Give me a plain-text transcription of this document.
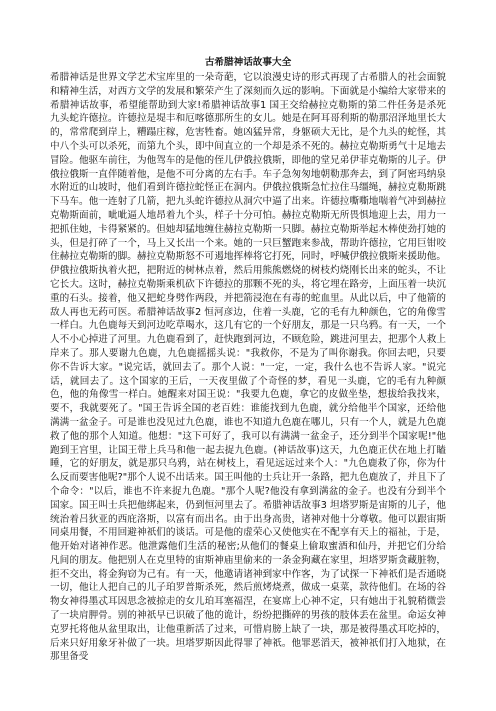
古希腊神话故事大全

希腊神话是世界文学艺术宝库里的一朵奇葩，它以浪漫史诗的形式再现了古希腊人的社会面貌和精神生活，对西方文学的发展和繁荣产生了深刻而久远的影响。下面就是小编给大家带来的希腊神话故事，希望能帮助到大家!希腊神话故事1 国王交给赫拉克勒斯的第二件任务是杀死九头蛇许德拉。许德拉是堤丰和厄喀德那所生的女儿。她是在阿耳哥利斯的勒那沼泽地里长大的，常常爬到岸上，糟蹋庄稼，危害牲畜。她凶猛异常，身躯硕大无比，是个九头的蛇怪，其中八个头可以杀死，而第九个头，即中间直立的一个却是杀不死的。赫拉克勒斯勇气十足地去冒险。他驱车前往，为他驾车的是他的侄儿伊俄拉俄斯，即他的堂兄弟伊菲克勒斯的儿子。伊俄拉俄斯一直伴随着他，是他不可分离的左右手。车子急匆匆地朝勒那奔去，到了阿密玛纳泉水附近的山坡时，他们看到许德拉蛇怪正在洞内。伊俄拉俄斯急忙拉住马缰绳，赫拉克勒斯跳下马车。他一连射了几箭，把九头蛇许德拉从洞穴中逼了出来。许德拉嘶嘶地喘着气冲到赫拉克勒斯面前，呲呲逼人地昂着九个头，样子十分可怕。赫拉克勒斯无所畏惧地迎上去，用力一把抓住她，卡得紧紧的。但她却猛地缠住赫拉克勒斯一只脚。赫拉克勒斯举起木棒使劲打她的头，但是打碎了一个，马上又长出一个来。她的一只巨蟹跑来参战，帮助许德拉，它用巨钳咬住赫拉克勒斯的脚。赫拉克勒斯怒不可遏地挥棒将它打死，同时，呼喊伊俄拉俄斯来援助他。伊俄拉俄斯执着火把，把附近的树林点着，然后用熊熊燃烧的树枝灼烧刚长出来的蛇头，不让它长大。这时，赫拉克勒斯乘机砍下许德拉的那颗不死的头，将它埋在路旁，上面压着一块沉重的石头。接着，他又把蛇身劈作两段，并把箭浸泡在有毒的蛇血里。从此以后，中了他箭的敌人再也无药可医。希腊神话故事2 恒河彦边，住着一头鹿，它的毛有九种颜色，它的角像雪一样白。九色鹿每天到河边吃草喝水，这几有它的一个好朋友，那是一只乌鸦。有一天，一个人不小心掉进了河里。九色鹿看到了，赶快跑到河边，不顾危险，跳进河里去，把那个人救上岸来了。那人要谢九色鹿，九色鹿摇摇头说："我救你，不是为了叫你谢我。你回去吧，只要你不告诉大家。"说完话，就回去了。那个人说："一定，一定，我什么也不告诉人家。"说完话，就回去了。这个国家的王后，一天夜里做了个奇怪的梦，看见一头鹿，它的毛有九种颜色，他的角像雪一样白。她醒来对国王说："我要九色鹿，拿它的皮做坐垫，想拔给我找来，要不，我就要死了。"国王告诉全国的老百姓：谁能找到九色鹿，就分给他半个国家，还给他满满一盆金子。可是谁也没见过九色鹿，谁也不知道九色鹿在哪儿，只有一个人，就是九色鹿救了他的那个人知道。他想："这下可好了，我可以有满满一盆金子，还分到半个国家呢!"他跑到王宫里，让国王带上兵马和他一起去捉九色鹿。(神话故事)这天，九色鹿正伏在地上打瞌睡，它的好朋友，就是那只乌鸦，站在树枝上，看见远远过来个人："九色鹿救了你，你为什么反而要害他呢?"那个人说不出话来。国王叫他的士兵让开一条路，把九色鹿放了，并且下了个命令："以后，谁也不许来捉九色鹿。"那个人呢?他没有拿到满盆的金子。也没有分到半个国家。国王叫士兵把他绑起来，仍到恒河里去了。希腊神话故事3 坦塔罗斯是宙斯的儿子，他统治着吕狄亚的西庇洛斯，以富有而出名。由于出身高贵，诸神对他十分尊敬。他可以跟宙斯同桌用餐，不用回避神祇们的谈话。可是他的虚荣心又使他实在不配享有天上的福祉，于是，他开始对诸神作恶。他泄露他们生活的秘密;从他们的餐桌上偷取蜜酒和仙丹，并把它们分给凡间的朋友。他把别人在克里特的宙斯神庙里偷来的一条金狗藏在家里，坦塔罗斯贪藏脏物，拒不交出，将金狗窃为己有。有一天，他邀请诸神到家中作客，为了试探一下神祇们是否通晓一切，他让人把自己的儿子珀罗普斯杀死，然后煎烤烧煮，做成一桌菜，款待他们。在场的谷物女神得墨忒耳因思念被掠走的女儿珀耳塞福涅，在宴席上心神不定，只有她出于礼貌稍微尝了一块肩胛骨。别的神祇早已识破了他的诡计，纷纷把撕碎的男孩的肢体丢在盆里。命运女神克罗托将他从盆里取出，让他重新活了过来，可惜肩膀上缺了一块，那是被得墨忒耳吃掉的，后来只好用象牙补做了一块。坦塔罗斯因此得罪了神祇。他罪恶滔天，被神祇们打入地狱，在那里备受
